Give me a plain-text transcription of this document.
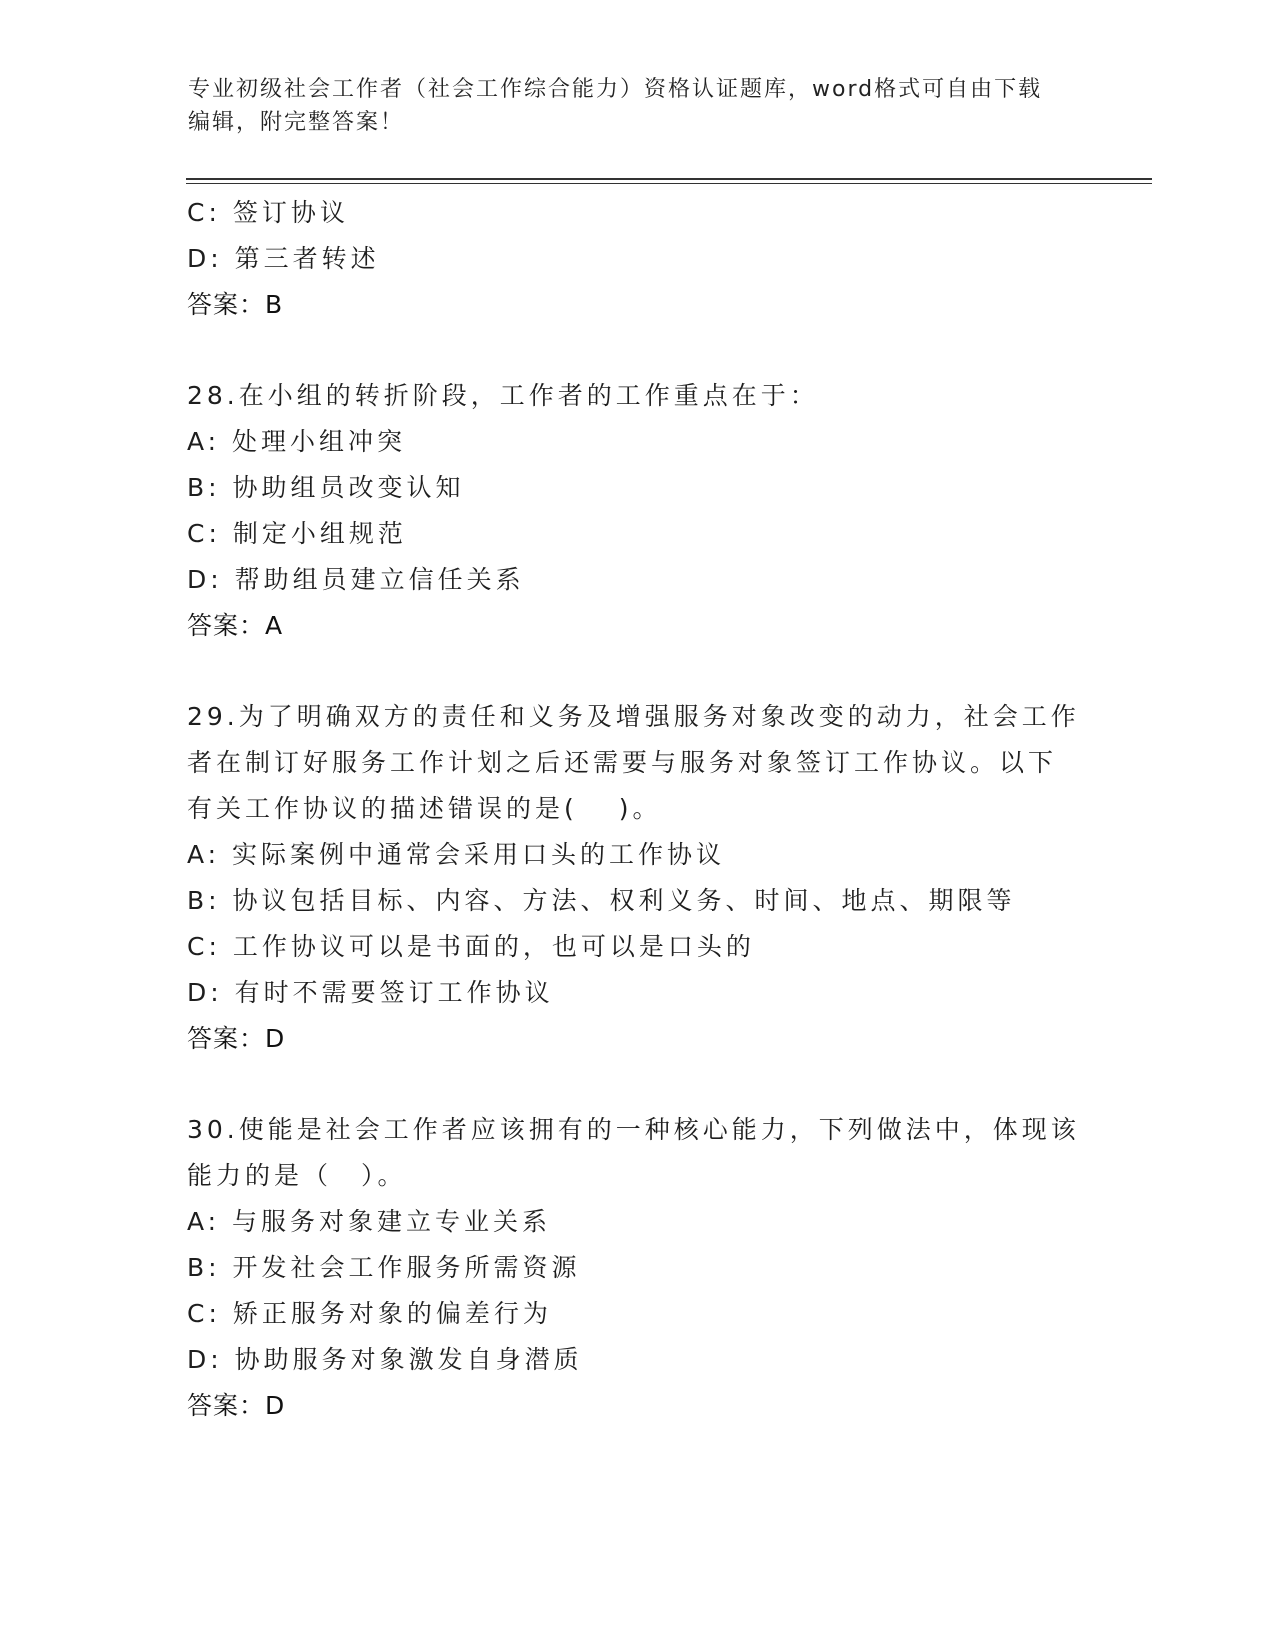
专业初级社会工作者（社会工作综合能力）资格认证题库，word格式可自由下载
编辑，附完整答案！
C: 签订协议
D: 第三者转述
答案：B
28.在小组的转折阶段，工作者的工作重点在于：
A: 处理小组冲突
B: 协助组员改变认知
C: 制定小组规范
D: 帮助组员建立信任关系
答案：A
29.为了明确双方的责任和义务及增强服务对象改变的动力，社会工作
者在制订好服务工作计划之后还需要与服务对象签订工作协议。以下
有关工作协议的描述错误的是(　 )。
A: 实际案例中通常会采用口头的工作协议
B: 协议包括目标、内容、方法、权利义务、时间、地点、期限等
C: 工作协议可以是书面的，也可以是口头的
D: 有时不需要签订工作协议
答案：D
30.使能是社会工作者应该拥有的一种核心能力，下列做法中，体现该
能力的是（　）。
A: 与服务对象建立专业关系
B: 开发社会工作服务所需资源
C: 矫正服务对象的偏差行为
D: 协助服务对象激发自身潜质
答案：D
